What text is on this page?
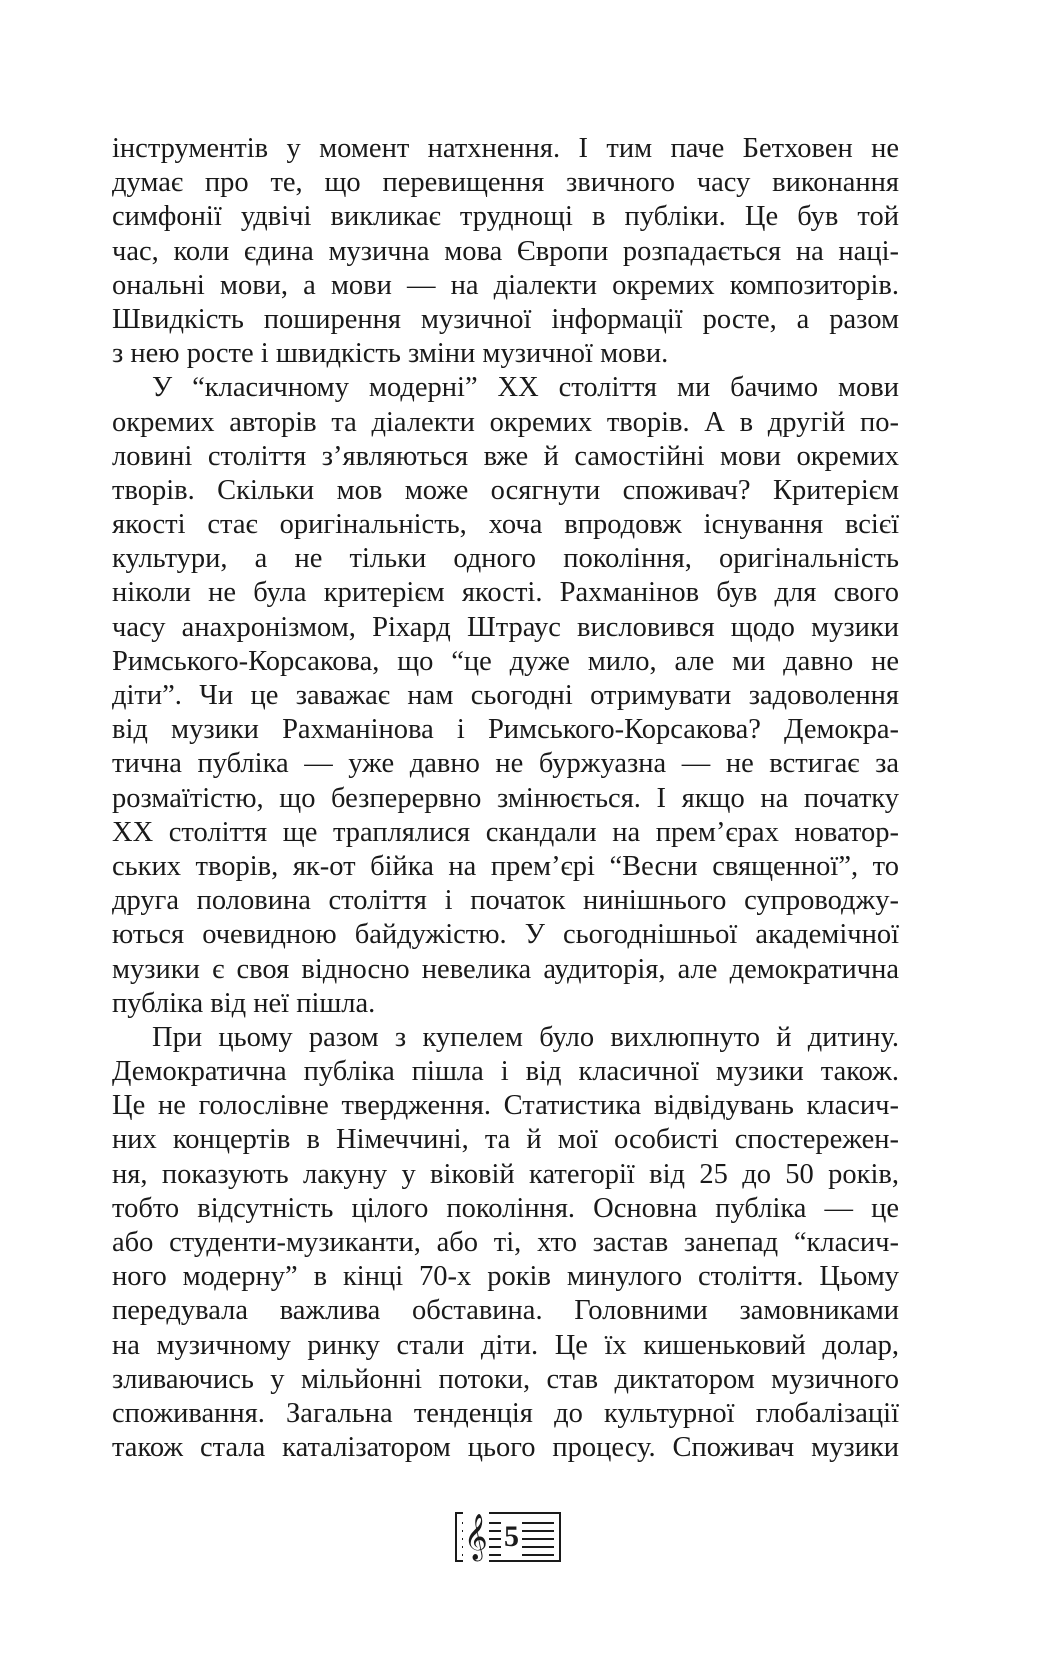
інструментів у момент натхнення. І тим паче Бетховен не
думає про те, що перевищення звичного часу виконання
симфонії удвічі викликає труднощі в публіки. Це був той
час, коли єдина музична мова Європи розпадається на наці-
ональні мови, а мови — на діалекти окремих композиторів.
Швидкість поширення музичної інформації росте, а разом
з нею росте і швидкість зміни музичної мови.
У “класичному модерні” XX століття ми бачимо мови
окремих авторів та діалекти окремих творів. А в другій по-
ловині століття з’являються вже й самостійні мови окремих
творів. Скільки мов може осягнути споживач? Критерієм
якості стає оригінальність, хоча впродовж існування всієї
культури, а не тільки одного покоління, оригінальність
ніколи не була критерієм якості. Рахманінов був для свого
часу анахронізмом, Ріхард Штраус висловився щодо музики
Римського-Корсакова, що “це дуже мило, але ми давно не
діти”. Чи це заважає нам сьогодні отримувати задоволення
від музики Рахманінова і Римського-Корсакова? Демокра-
тична публіка — уже давно не буржуазна — не встигає за
розмаїтістю, що безперервно змінюється. І якщо на початку
XX століття ще траплялися скандали на прем’єрах новатор-
ських творів, як-от бійка на прем’єрі “Весни священної”, то
друга половина століття і початок нинішнього супроводжу-
ються очевидною байдужістю. У сьогоднішньої академічної
музики є своя відносно невелика аудиторія, але демократична
публіка від неї пішла.
При цьому разом з купелем було вихлюпнуто й дитину.
Демократична публіка пішла і від класичної музики також.
Це не голослівне твердження. Статистика відвідувань класич-
них концертів в Німеччині, та й мої особисті спостережен-
ня, показують лакуну у віковій категорії від 25 до 50 років,
тобто відсутність цілого покоління. Основна публіка — це
або студенти-музиканти, або ті, хто застав занепад “класич-
ного модерну” в кінці 70-х років минулого століття. Цьому
передувала важлива обставина. Головними замовниками
на музичному ринку стали діти. Це їх кишеньковий долар,
зливаючись у мільйонні потоки, став диктатором музичного
споживання. Загальна тенденція до культурної глобалізації
також стала каталізатором цього процесу. Споживач музики
𝄞 5
